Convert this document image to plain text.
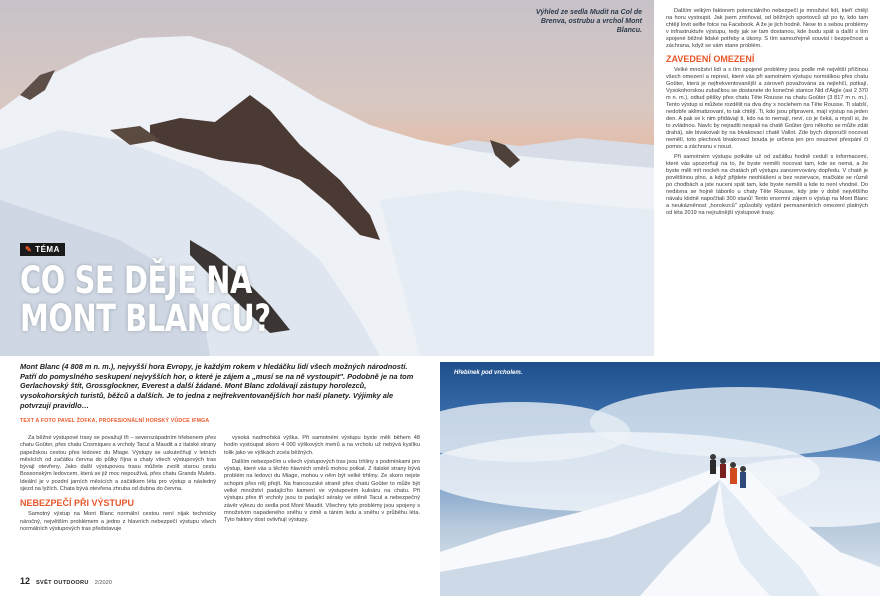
Výhled ze sedla Mudit na Col de Brenva, ostrubu a vrchol Mont Blancu.
✎ TÉMA
CO SE DĚJE NA
MONT BLANCU?

Dalším velkým faktorem potenciálního nebezpečí je množství lidí, kteří chtějí na horu vystoupit. Jak jsem zmiňoval, od běžných sportovců až po ty, kdo tam chtějí lovit selfie fotce na Facebook. A že je jich hodně. Nese to s sebou problémy v infrastruktuře výstupu, tedy jak se tam dostanou, kde budu spát a další s tím spojené běžné lidské potřeby a úkony. S tím samozřejmě souvisí i bezpečnost a záchrana, když se vám stane problém.

ZAVEDENÍ OMEZENÍ

Velké množství lidí a s tím spojené problémy jsou podle mě největší příčinou všech omezení a represí, které vás při samotném výstupu normálkou přes chatu Goûter, která je nejfrekventovanější a zároveň považována za nejlehčí, potkají. Vysokohorskou zubačkou se dostanete do konečné stanice Nid d'Aigle (asi 2 370 m n. m.), odtud pěšky přes chatu Tête Rousse na chatu Goûter (3 817 m n. m.). Tento výstup si můžete rozdělit na dva dny s noclehem na Tête Rousse. Ti slabší, nedobře aklimatizovaní, to tak chtějí. Ti, kdo jsou připraveni, mají výstup na jeden den. A pak se k nim přidávají ti, kdo na to nemají, neví, co je čeká, a myslí si, že to zvládnou. Navíc by nejradši nespali na chatě Goûter (pro někoho se může zdát drahá), ale bivakovali by na bivakovací chatě Vallot. Zde bych doporučil nocovat nemělí, toto plechová bivakovací bouda je určena jen pro nouzové přespání či pomoc a záchranu v nouzi.

Při samotném výstupu potkáte už od začátku hodně cedulí s informacemi, které vás upozorňují na to, že byste neměli nocovat tam, kde se nemá, a že byste měli mít nocleh na chatách při výstupu zarezervovány dopředu. V chatě je povětšinou plno, a když přijdete neohlášeni a bez rezervace, mačkáte se různě po chodbách a jste nuceni spát tam, kde byste neměli a kde to není vhodné. Do nedávna se hojně táborilo u chaty Tête Rousse, kdy jste v době největšího návalu klidně napočítali 300 stanů! Tento enormní zájem o výstup na Mont Blanc a neukázněnost „horolezců" způsobily vydání permanentních omezení platných od léta 2019 na nejrušnější výstupové trasy.

Mont Blanc (4 808 m n. m.), nejvyšší hora Evropy, je každým rokem v hledáčku lidí všech možných národností. Patří do pomyslného seskupení nejvyšších hor, o které je zájem a „musí se na ně vystoupit". Podobně je na tom Gerlachovský štít, Grossglockner, Everest a další žádané. Mont Blanc zdolávají zástupy horolezců, vysokohorských turistů, běžců a dalších. Je to jedna z nejfrekventovanějších hor naší planety. Výjimky ale potvrzují pravidlo…
TEXT A FOTO PAVEL ŽOFKA, PROFESIONÁLNÍ HORSKÝ VŮDCE IFMGA

Za běžné výstupové trasy se považují tři – severozápadním hřebenem přes chatu Goûter, přes chatu Cosmiques a vrcholy Tacul a Maudit a z italské strany papežskou cestou přes ledovec du Miage. Výstupy se uskutečňují v letních měsících od začátku června do půlky října a chaty všech výstupových tras bývají otevřeny. Jako další výstupovou trasu můžete zvolit starou cestu Bossonským ledovcem, která se již moc nepoužívá, přes chatu Grands Mulets. Ideální je v pozdní jarních měsících a začátkem léta pro výstup a následný sjezd na lyžích. Chata bývá otevřena zhruba od dubna do června.

NEBEZPEČÍ PŘI VÝSTUPU

Samotný výstup na Mont Blanc normální cestou není nijak technicky náročný, největším problémem a jedno z hlavních nebezpečí výstupu všech normálních výstupových tras představuje

vysoká nadmořská výška. Při samotném výstupu byste měli během 48 hodin vystoupat skoro 4 000 výškových metrů a na vrcholu už nebývá kyslíku tolik jako ve výškách zcela běžných.

Dalším nebezpečím u všech výstupových tras jsou trhliny s podmínkami pro výstup, které vás u těchto hlavních směrů mohou potkat. Z italské strany bývá problém na ledovci du Miage, mohou v něm být velké trhliny. Ze skoro nejste schopni přes něj přejít. Na francouzské straně přes chatu Goûter to může být velké množství padajícího kamení ve výstupovém kuloáru na chatu. Při výstupu přes tři vrcholy jsou to padající séraky ve stěně Tacul a nebezpečný závěr výlezu do sedla pod Mont Maudit. Všechny tyto problémy jsou spojeny s množstvím napadeného sněhu v zimě a táním ledu a sněhu v průběhu léta. Tyto faktory dost ovlivňují výstupy.

12 SVĚT OUTDOORU 2/2020
Hřebínek pod vrcholem.
